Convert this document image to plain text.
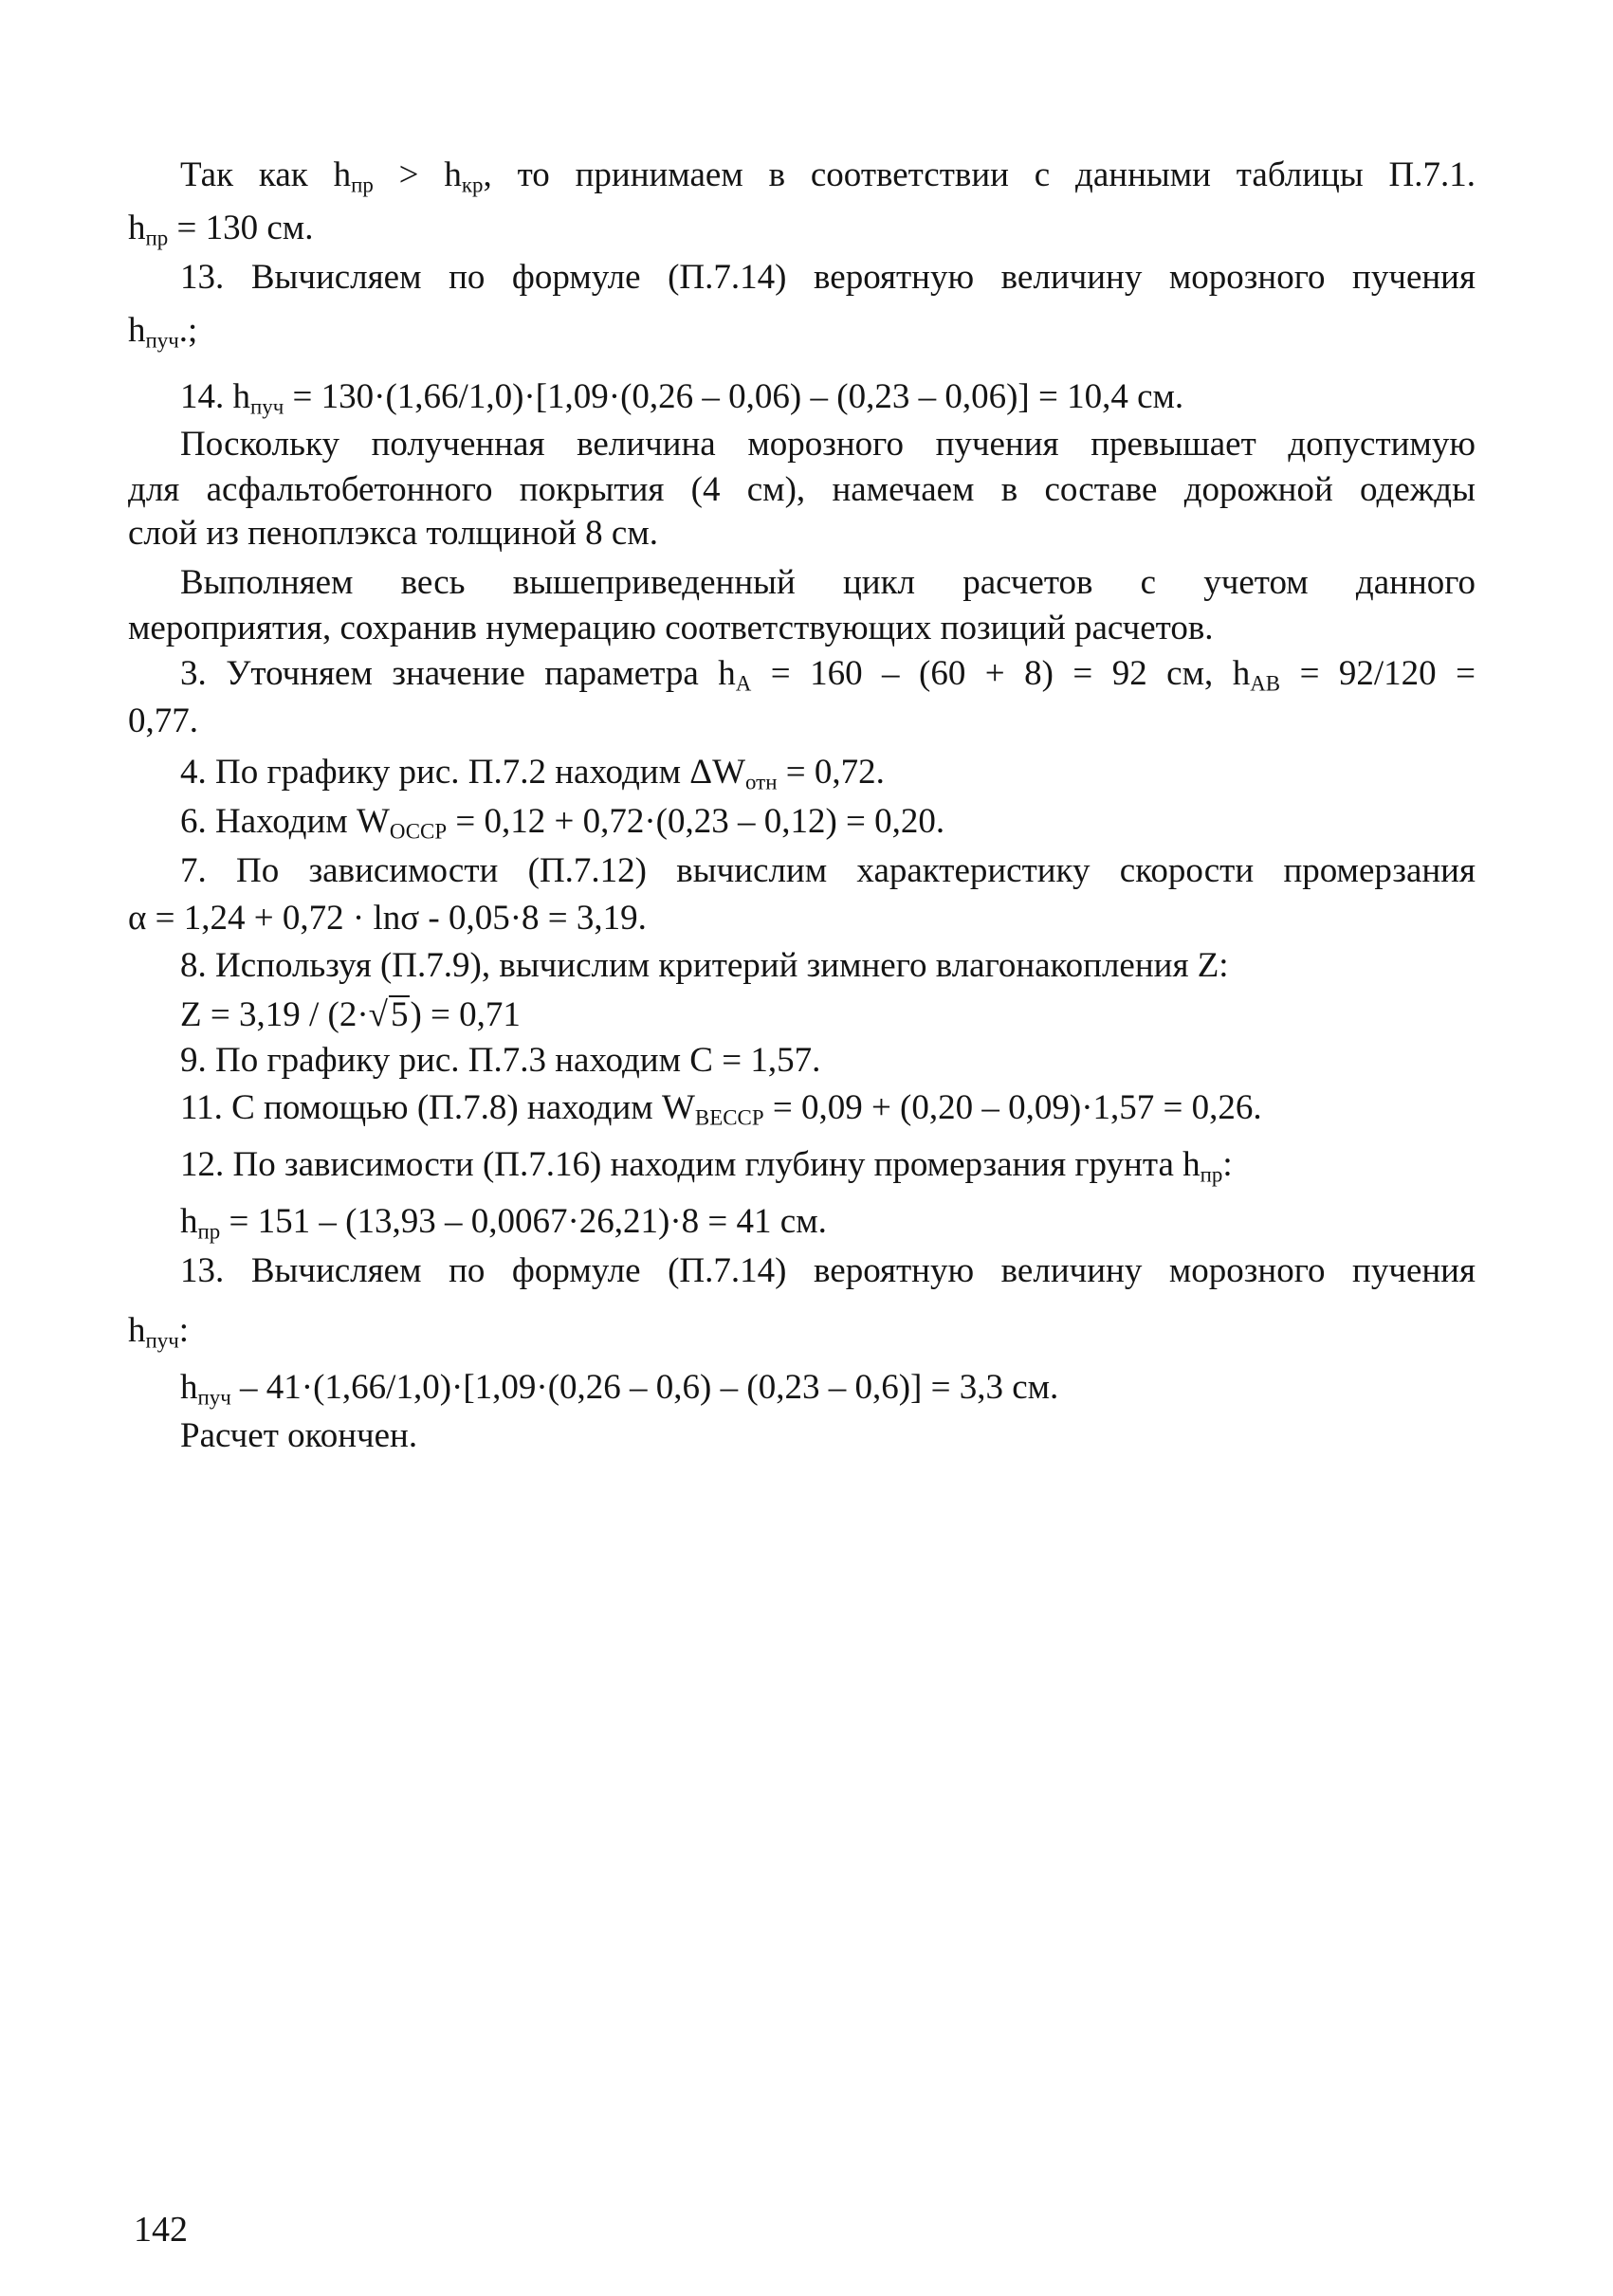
Так как $h_{пр} > h_{кр}$, то принимаем в соответствии с данными таблицы П.7.1.
$h_{пр} = 130$ см.
13. Вычисляем по формуле (П.7.14) вероятную величину морозного пучения
$h_{пуч}$.;
14. $h_{пуч} = 130\cdot(1,66/1,0)\cdot[1,09\cdot(0,26 - 0,06) - (0,23 - 0,06)] = 10,4$ см.
Поскольку полученная величина морозного пучения превышает допустимую
для асфальтобетонного покрытия (4 см), намечаем в составе дорожной одежды
слой из пеноплэкса толщиной 8 см.
Выполняем весь вышеприведенный цикл расчетов с учетом данного
мероприятия, сохранив нумерацию соответствующих позиций расчетов.
3. Уточняем значение параметра $h_А = 160 - (60 + 8) = 92$ см, $h_{АВ} = 92/120$ =
0,77.
4. По графику рис. П.7.2 находим $\Delta W_{отн} = 0,72$.
6. Находим $W_{ОССР} = 0,12 + 0,72\cdot(0,23 - 0,12) = 0,20$.
7. По зависимости (П.7.12) вычислим характеристику скорости промерзания
α = 1,24 + 0,72 · lnσ - 0,05·8 = 3,19.
8. Используя (П.7.9), вычислим критерий зимнего влагонакопления Z:
Z = 3,19 / (2·√5) = 0,71
9. По графику рис. П.7.3 находим C = 1,57.
11. С помощью (П.7.8) находим $W_{ВЕССР} = 0,09 + (0,20 - 0,09)\cdot 1,57 = 0,26$.
12. По зависимости (П.7.16) находим глубину промерзания грунта $h_{пр}$:
$h_{пр} = 151 - (13,93 - 0,0067\cdot 26,21)\cdot 8 = 41$ см.
13. Вычисляем по формуле (П.7.14) вероятную величину морозного пучения
$h_{пуч}$:
$h_{пуч} - 41\cdot(1,66/1,0)\cdot[1,09\cdot(0,26 - 0,6) - (0,23 - 0,6)] = 3,3$ см.
Расчет окончен.
142
